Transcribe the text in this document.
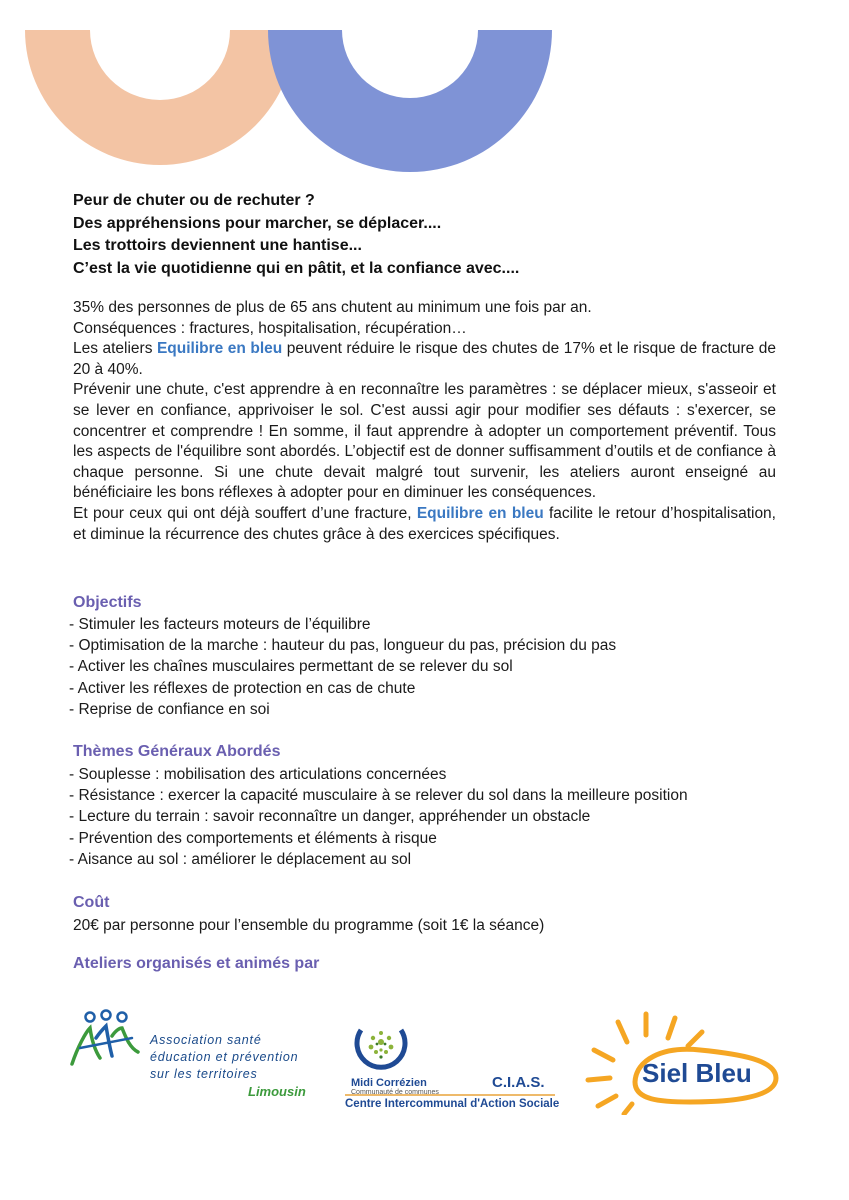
Peur de chuter ou de rechuter ?
Des appréhensions pour marcher, se déplacer....
Les trottoirs deviennent une hantise...
C’est la vie quotidienne qui en pâtit, et la confiance avec....

35% des personnes de plus de 65 ans chutent au minimum une fois par an.

Conséquences : fractures, hospitalisation, récupération…

Les ateliers Equilibre en bleu peuvent réduire le risque des chutes de 17% et le risque de fracture de 20 à 40%.

Prévenir une chute, c'est apprendre à en reconnaître les paramètres : se déplacer mieux, s'asseoir et se lever en confiance, apprivoiser le sol. C'est aussi agir pour modifier ses défauts : s'exercer, se concentrer et comprendre ! En somme, il faut apprendre à adopter un comportement préventif. Tous les aspects de l'équilibre sont abordés. L’objectif est de donner suffisamment d’outils et de confiance à chaque personne. Si une chute devait malgré tout survenir, les ateliers auront enseigné au bénéficiaire les bons réflexes à adopter pour en diminuer les conséquences.

Et pour ceux qui ont déjà souffert d’une fracture, Equilibre en bleu facilite le retour d’hospitalisation, et diminue la récurrence des chutes grâce à des exercices spécifiques.

Objectifs
- Stimuler les facteurs moteurs de l’équilibre
- Optimisation de la marche : hauteur du pas, longueur du pas, précision du pas
- Activer les chaînes musculaires permettant de se relever du sol
- Activer les réflexes de protection en cas de chute
- Reprise de confiance en soi
Thèmes Généraux Abordés
- Souplesse : mobilisation des articulations concernées
- Résistance : exercer la capacité musculaire à se relever du sol dans la meilleure position
- Lecture du terrain : savoir reconnaître un danger, appréhender un obstacle
- Prévention des comportements et éléments à risque
- Aisance au sol : améliorer le déplacement au sol
Coût
20€ par personne pour l’ensemble du programme (soit 1€ la séance)
Ateliers organisés et animés par
Association santé
éducation et prévention
sur les territoires
Limousin
Midi Corrézien
Communauté de communes
C.I.A.S.
Centre Intercommunal d'Action Sociale
Siel Bleu
